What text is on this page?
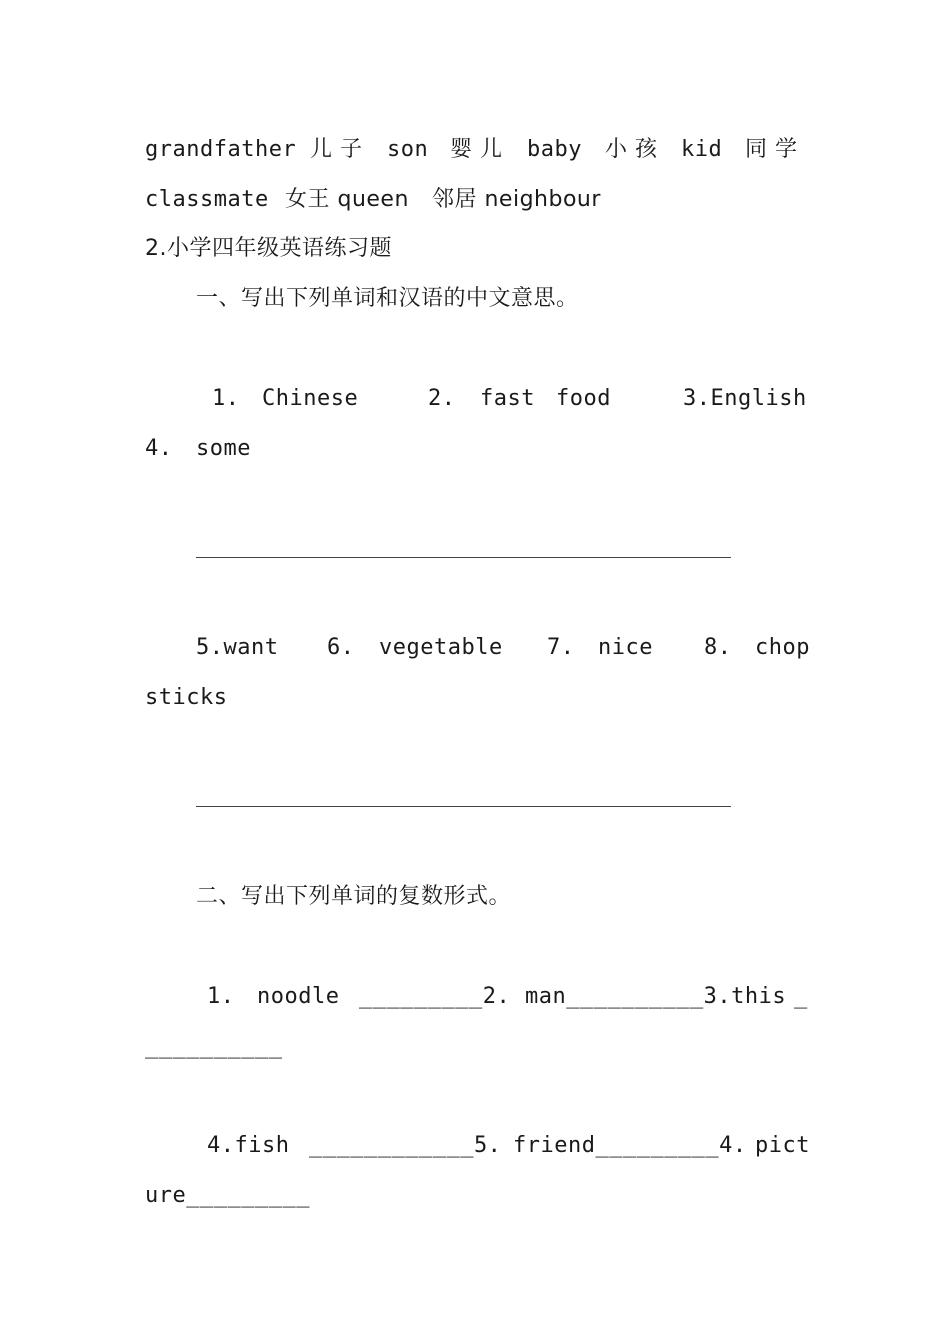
grandfather 儿 子 son 婴 儿 baby 小 孩 kid 同 学
classmate 女王 queen 邻居 neighbour
2.小学四年级英语练习题
一、写出下列单词和汉语的中文意思。
1. Chinese	2. fast food	3.English
4. some
5.want 6. vegetable 7. nice 8. chop
sticks
二、写出下列单词的复数形式。
1. noodle _________2. man__________3.this _
__________
4.fish ____________5. friend_________4. pict
ure_________
